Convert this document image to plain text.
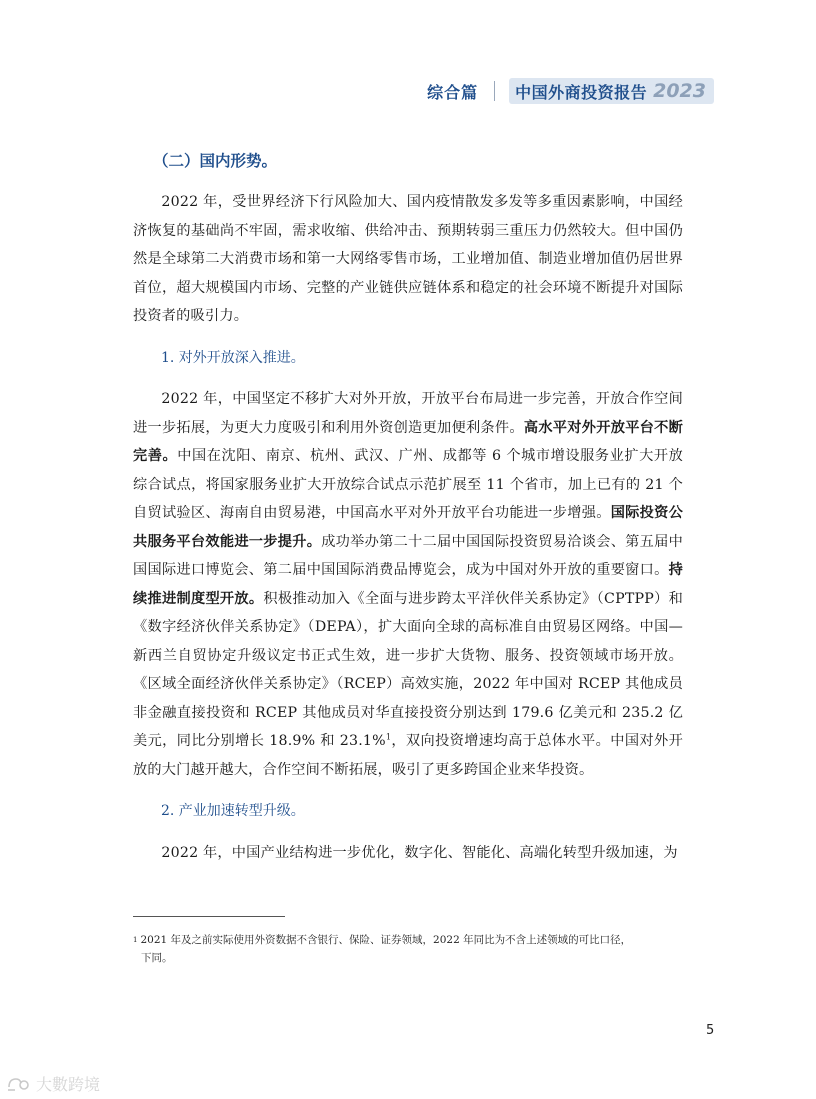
综合篇 中国外商投资报告 2023

（二）国内形势。

2022 年，受世界经济下行风险加大、国内疫情散发多发等多重因素影响，中国经济恢复的基础尚不牢固，需求收缩、供给冲击、预期转弱三重压力仍然较大。但中国仍然是全球第二大消费市场和第一大网络零售市场，工业增加值、制造业增加值仍居世界首位，超大规模国内市场、完整的产业链供应链体系和稳定的社会环境不断提升对国际投资者的吸引力。

1. 对外开放深入推进。

2022 年，中国坚定不移扩大对外开放，开放平台布局进一步完善，开放合作空间进一步拓展，为更大力度吸引和利用外资创造更加便利条件。高水平对外开放平台不断完善。中国在沈阳、南京、杭州、武汉、广州、成都等 6 个城市增设服务业扩大开放综合试点，将国家服务业扩大开放综合试点示范扩展至 11 个省市，加上已有的 21 个自贸试验区、海南自由贸易港，中国高水平对外开放平台功能进一步增强。国际投资公共服务平台效能进一步提升。成功举办第二十二届中国国际投资贸易洽谈会、第五届中国国际进口博览会、第二届中国国际消费品博览会，成为中国对外开放的重要窗口。持续推进制度型开放。积极推动加入《全面与进步跨太平洋伙伴关系协定》（CPTPP）和《数字经济伙伴关系协定》（DEPA），扩大面向全球的高标准自由贸易区网络。中国—新西兰自贸协定升级议定书正式生效，进一步扩大货物、服务、投资领域市场开放。《区域全面经济伙伴关系协定》（RCEP）高效实施，2022 年中国对 RCEP 其他成员非金融直接投资和 RCEP 其他成员对华直接投资分别达到 179.6 亿美元和 235.2 亿美元，同比分别增长 18.9% 和 23.1%$^1$，双向投资增速均高于总体水平。中国对外开放的大门越开越大，合作空间不断拓展，吸引了更多跨国企业来华投资。

2. 产业加速转型升级。

2022 年，中国产业结构进一步优化，数字化、智能化、高端化转型升级加速，为

$^1$ 2021 年及之前实际使用外资数据不含银行、保险、证券领域，2022 年同比为不含上述领域的可比口径，
下同。
5
大數跨境
